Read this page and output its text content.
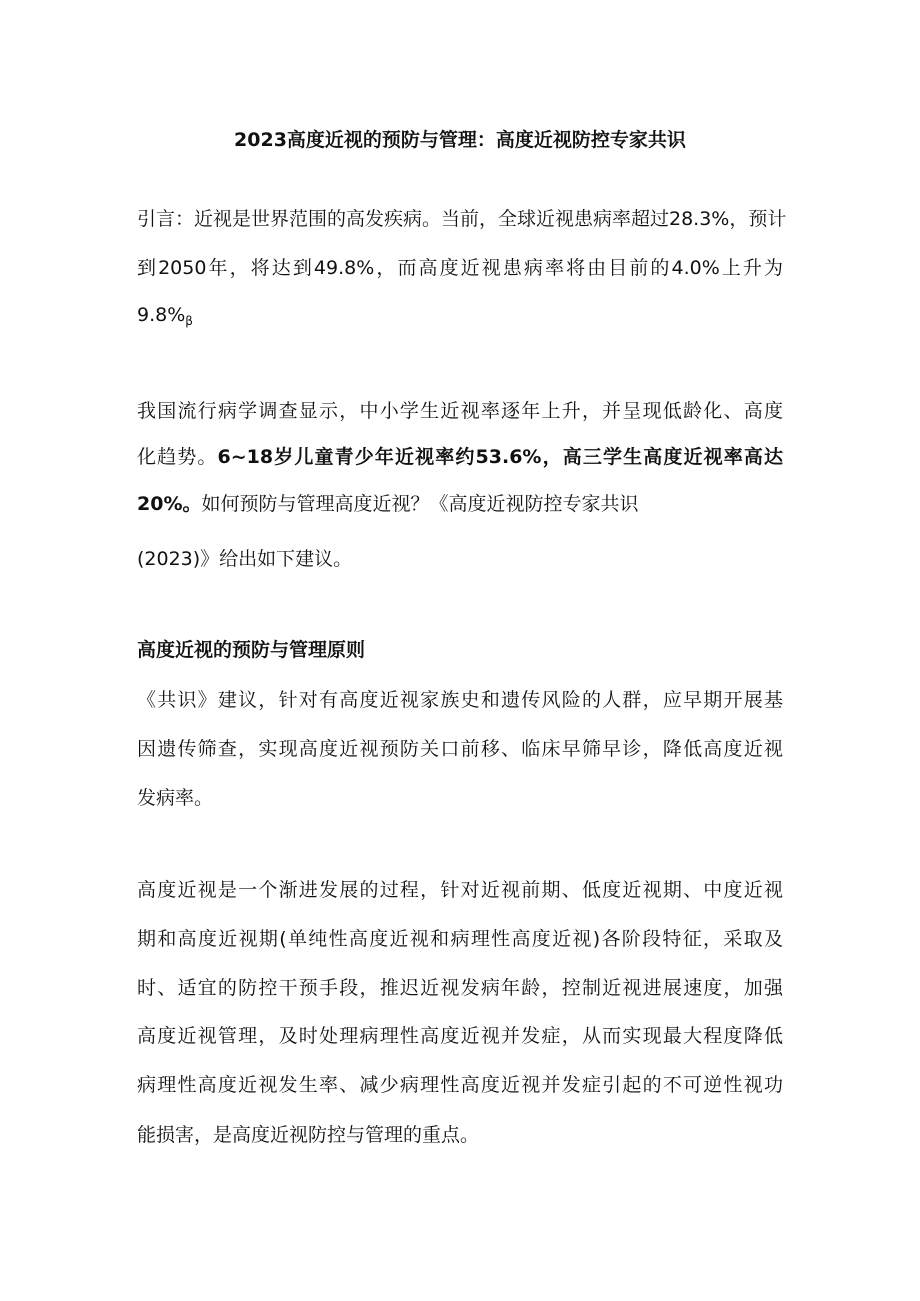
2023高度近视的预防与管理：高度近视防控专家共识
引言：近视是世界范围的高发疾病。当前，全球近视患病率超过28.3%，预计
到2050年，将达到49.8%，而高度近视患病率将由目前的4.0%上升为
$9.8\%_\beta$
我国流行病学调查显示，中小学生近视率逐年上升，并呈现低龄化、高度
化趋势。6~18岁儿童青少年近视率约53.6%，高三学生高度近视率高达
20%。如何预防与管理高度近视？《高度近视防控专家共识
(2023)》给出如下建议。
高度近视的预防与管理原则
《共识》建议，针对有高度近视家族史和遗传风险的人群，应早期开展基
因遗传筛查，实现高度近视预防关口前移、临床早筛早诊，降低高度近视
发病率。
高度近视是一个渐进发展的过程，针对近视前期、低度近视期、中度近视
期和高度近视期(单纯性高度近视和病理性高度近视)各阶段特征，采取及
时、适宜的防控干预手段，推迟近视发病年龄，控制近视进展速度，加强
高度近视管理，及时处理病理性高度近视并发症，从而实现最大程度降低
病理性高度近视发生率、减少病理性高度近视并发症引起的不可逆性视功
能损害，是高度近视防控与管理的重点。
